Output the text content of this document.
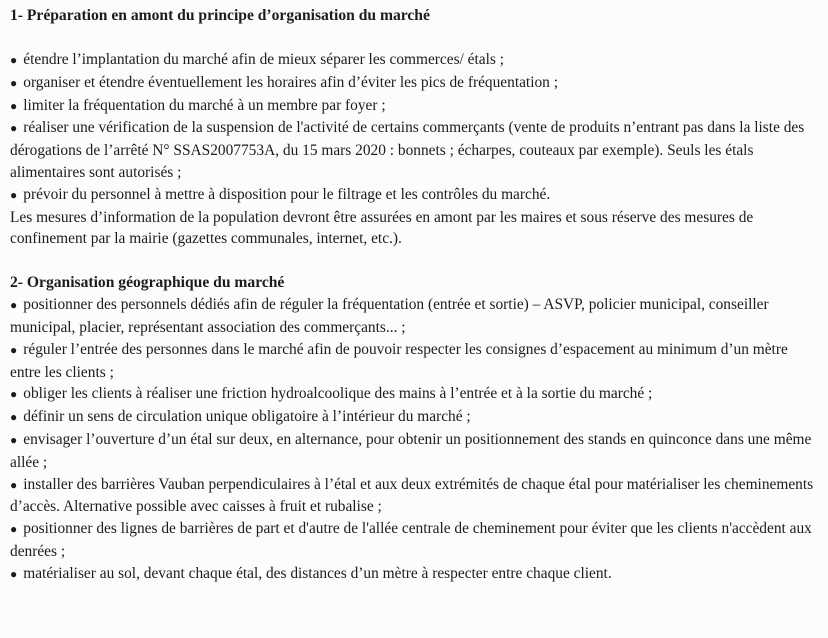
1- Préparation en amont du principe d’organisation du marché
● étendre l’implantation du marché afin de mieux séparer les commerces/ étals ;
● organiser et étendre éventuellement les horaires afin d’éviter les pics de fréquentation ;
● limiter la fréquentation du marché à un membre par foyer ;
● réaliser une vérification de la suspension de l'activité de certains commerçants (vente de produits n’entrant pas dans la liste des dérogations de l’arrêté N° SSAS2007753A, du 15 mars 2020 : bonnets ; écharpes, couteaux par exemple). Seuls les étals alimentaires sont autorisés ;
● prévoir du personnel à mettre à disposition pour le filtrage et les contrôles du marché.

Les mesures d’information de la population devront être assurées en amont par les maires et sous réserve des mesures de confinement par la mairie (gazettes communales, internet, etc.).

2- Organisation géographique du marché
● positionner des personnels dédiés afin de réguler la fréquentation (entrée et sortie) – ASVP, policier municipal, conseiller municipal, placier, représentant association des commerçants... ;
● réguler l’entrée des personnes dans le marché afin de pouvoir respecter les consignes d’espacement au minimum d’un mètre entre les clients ;
● obliger les clients à réaliser une friction hydroalcoolique des mains à l’entrée et à la sortie du marché ;
● définir un sens de circulation unique obligatoire à l’intérieur du marché ;
● envisager l’ouverture d’un étal sur deux, en alternance, pour obtenir un positionnement des stands en quinconce dans une même allée ;
● installer des barrières Vauban perpendiculaires à l’étal et aux deux extrémités de chaque étal pour matérialiser les cheminements d’accès. Alternative possible avec caisses à fruit et rubalise ;
● positionner des lignes de barrières de part et d'autre de l'allée centrale de cheminement pour éviter que les clients n'accèdent aux denrées ;
● matérialiser au sol, devant chaque étal, des distances d’un mètre à respecter entre chaque client.
